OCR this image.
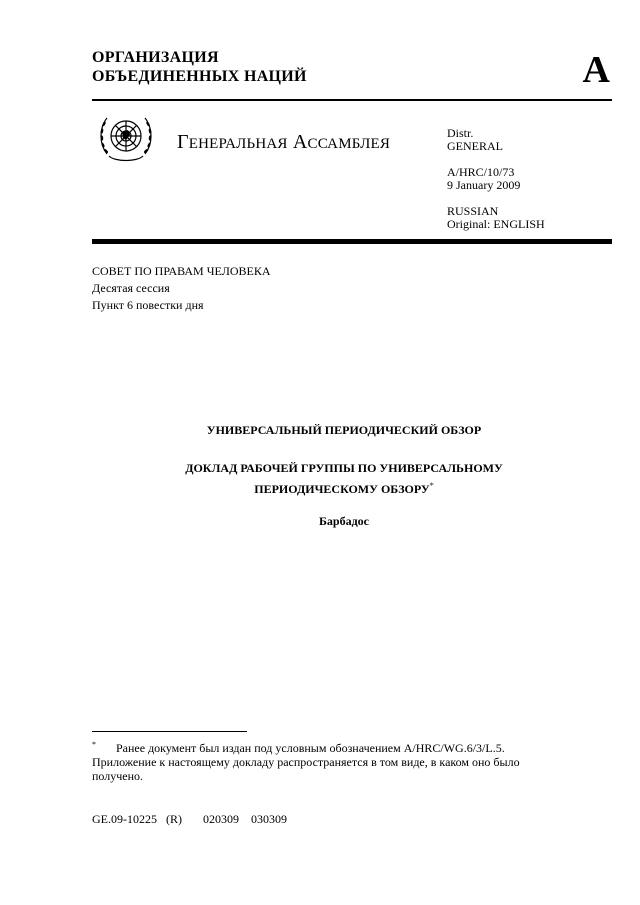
ОРГАНИЗАЦИЯ
ОБЪЕДИНЕННЫХ НАЦИЙ	A
ГЕНЕРАЛЬНАЯ АССАМБЛЕЯ
Distr.
GENERAL
A/HRC/10/73
9 January 2009
RUSSIAN
Original: ENGLISH
СОВЕТ ПО ПРАВАМ ЧЕЛОВЕКА
Десятая сессия
Пункт 6 повестки дня
УНИВЕРСАЛЬНЫЙ ПЕРИОДИЧЕСКИЙ ОБЗОР
ДОКЛАД РАБОЧЕЙ ГРУППЫ ПО УНИВЕРСАЛЬНОМУ
ПЕРИОДИЧЕСКОМУ ОБЗОРУ*
Барбадос
* Ранее документ был издан под условным обозначением A/HRC/WG.6/3/L.5.
Приложение к настоящему докладу распространяется в том виде, в каком оно было получено.
GE.09-10225   (R)       020309    030309
